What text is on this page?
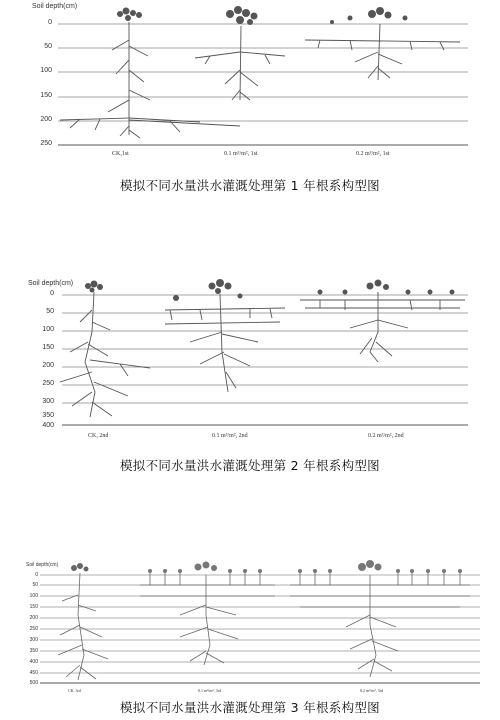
Soil depth(cm)
0
50
100
150
200
250
CK,1st	0.1 m³/m², 1st	0.2 m³/m², 1st
模拟不同水量洪水灌溉处理第 1 年根系构型图
Soil depth(cm)
0
50
100
150
200
250
300
350
400
CK, 2nd	0.1 m³/m², 2nd	0.2 m³/m², 2nd
模拟不同水量洪水灌溉处理第 2 年根系构型图
Soil depth(cm)
0
50
100
150
200
250
300
350
400
450
500
CK, 3rd	0.1 m³/m², 3rd	0.2 m³/m², 3rd
模拟不同水量洪水灌溉处理第 3 年根系构型图
